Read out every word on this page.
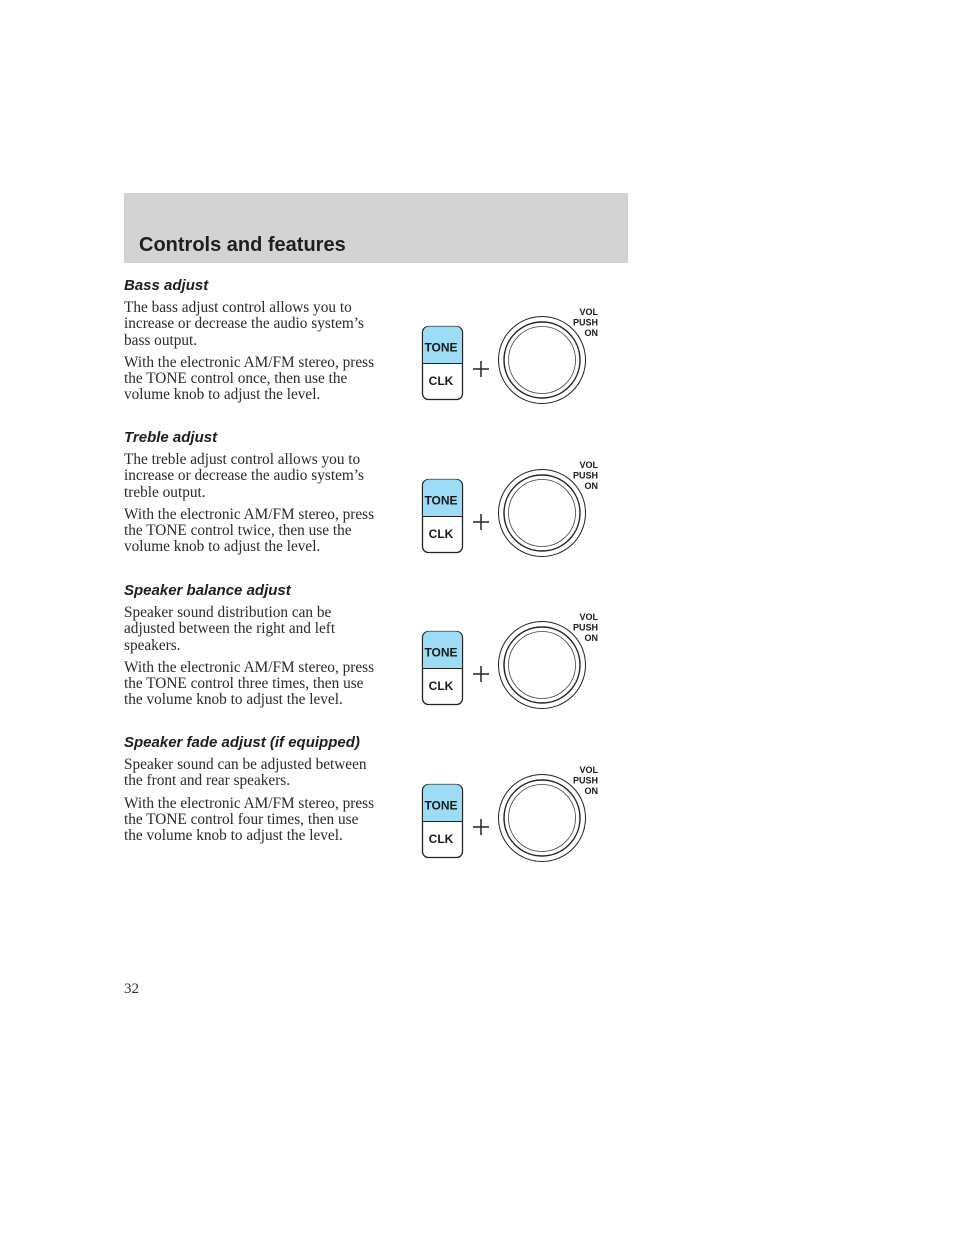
Controls and features
Bass adjust

The bass adjust control allows you to increase or decrease the audio system’s bass output.

With the electronic AM/FM stereo, press the TONE control once, then use the volume knob to adjust the level.

Treble adjust

The treble adjust control allows you to increase or decrease the audio system’s treble output.

With the electronic AM/FM stereo, press the TONE control twice, then use the volume knob to adjust the level.

Speaker balance adjust

Speaker sound distribution can be adjusted between the right and left speakers.

With the electronic AM/FM stereo, press the TONE control three times, then use the volume knob to adjust the level.

Speaker fade adjust (if equipped)

Speaker sound can be adjusted between the front and rear speakers.

With the electronic AM/FM stereo, press the TONE control four times, then use the volume knob to adjust the level.

TONE
CLK
VOL
PUSH
ON
TONE
CLK
VOL
PUSH
ON
TONE
CLK
VOL
PUSH
ON
TONE
CLK
VOL
PUSH
ON
32
